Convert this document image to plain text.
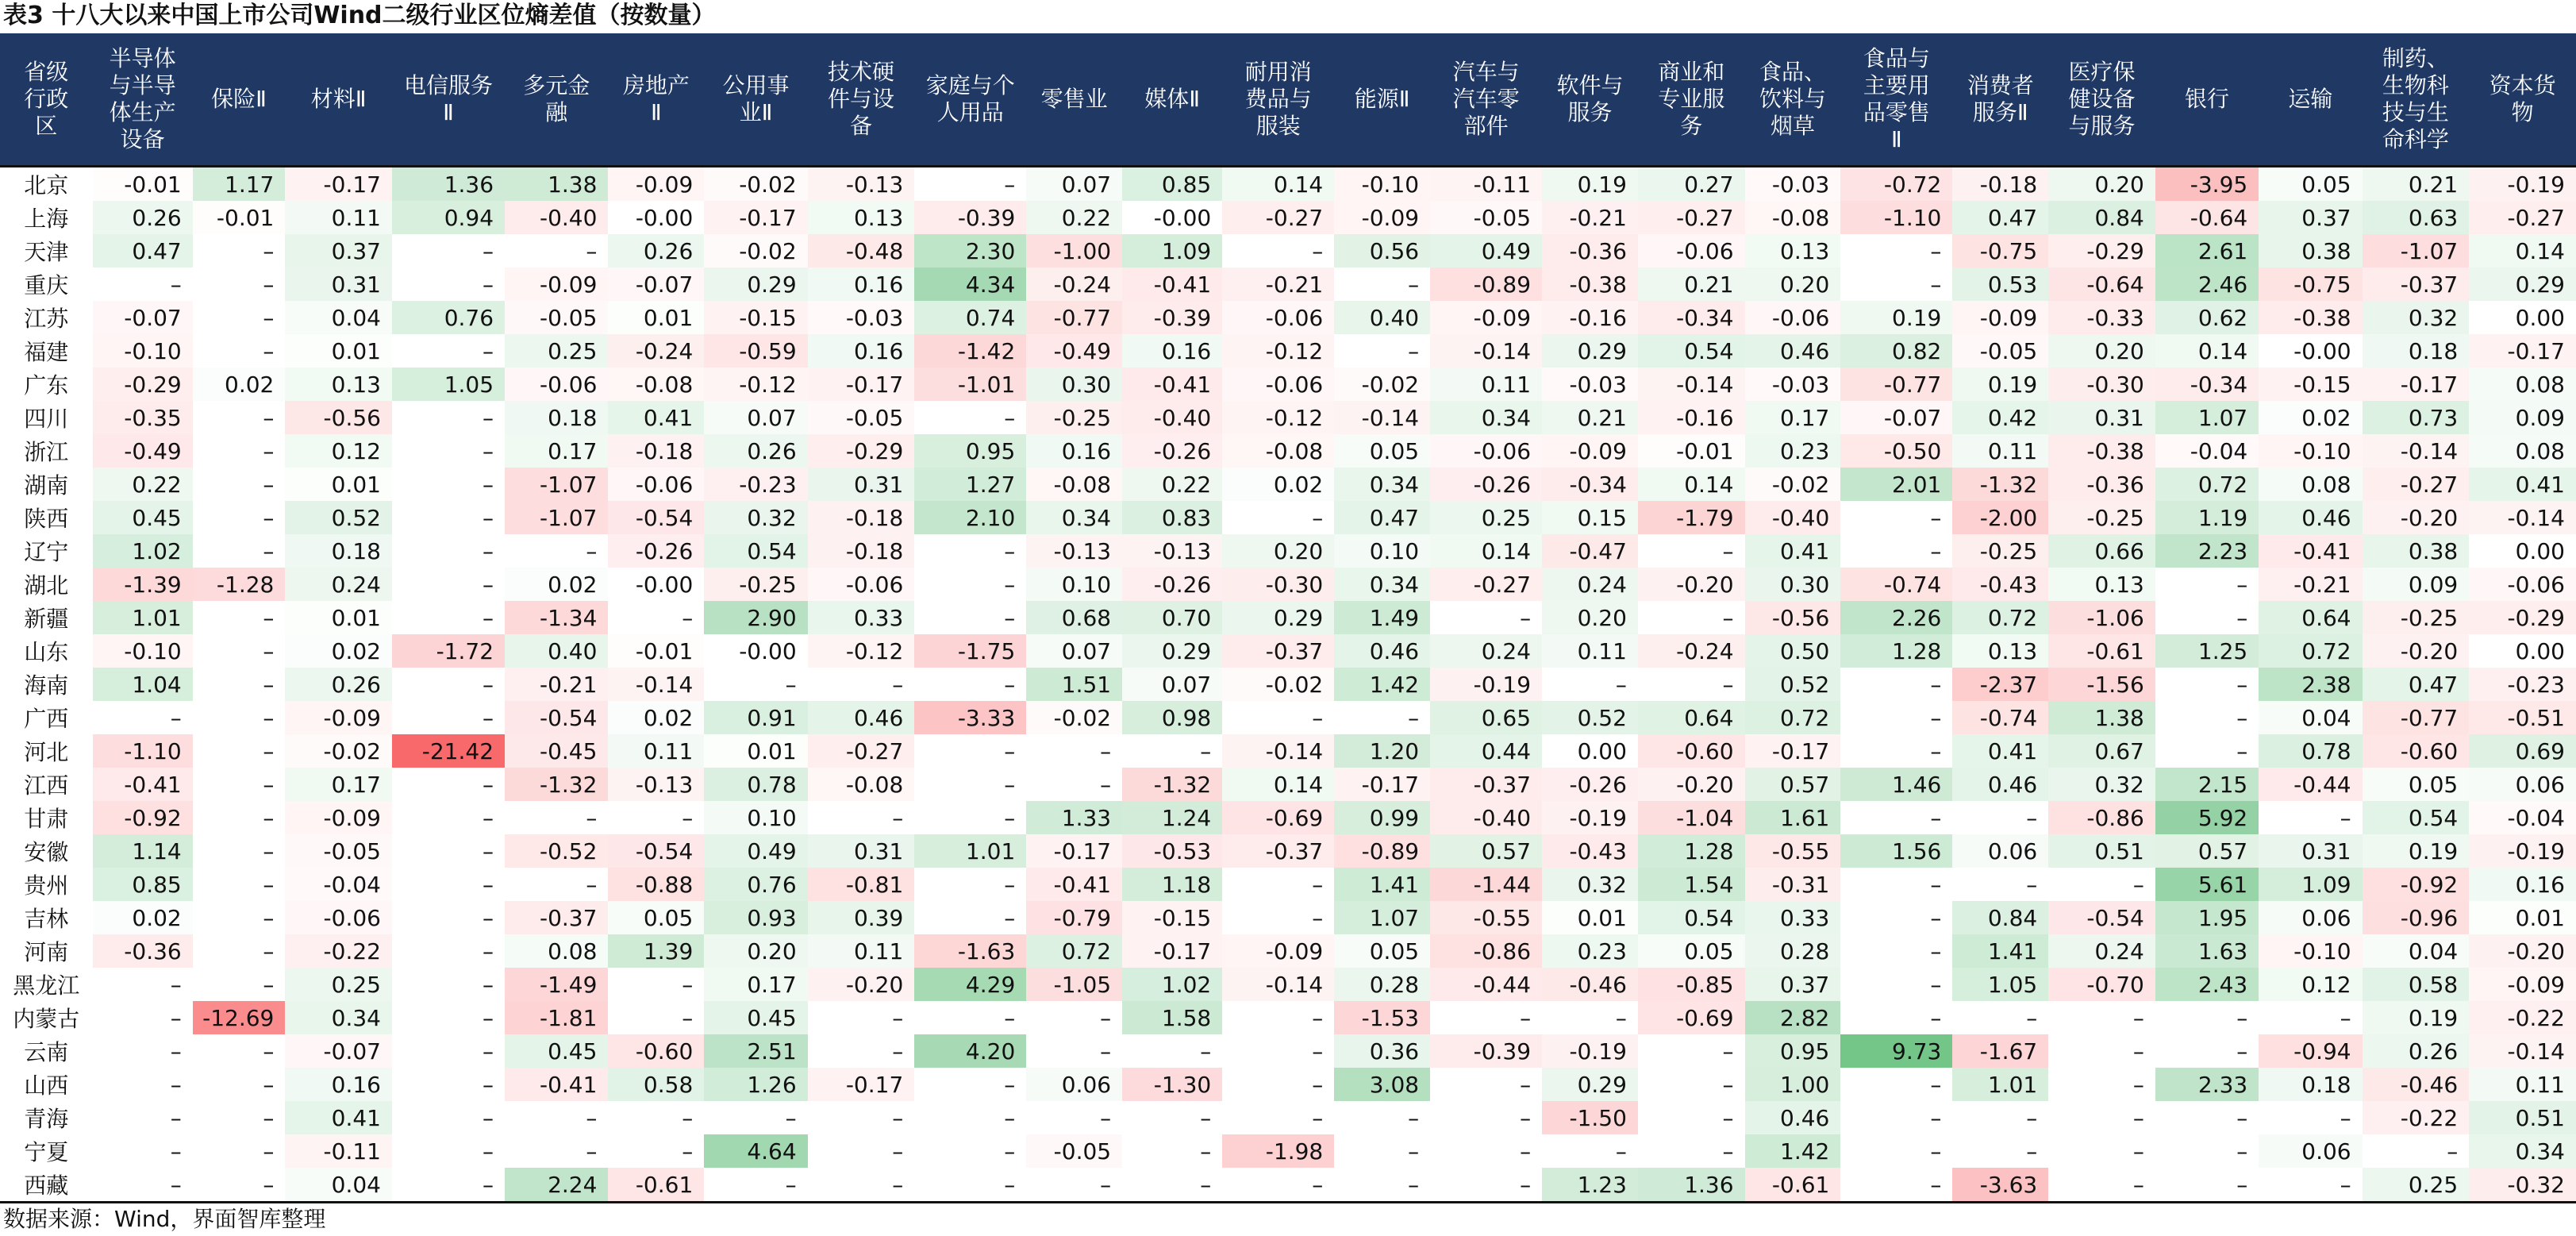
表3 十八大以来中国上市公司Wind二级行业区位熵差值（按数量）
省级
行政
区	半导体
与半导
体生产
设备	保险Ⅱ	材料Ⅱ	电信服务
Ⅱ	多元金
融	房地产
Ⅱ	公用事
业Ⅱ	技术硬
件与设
备	家庭与个
人用品	零售业	媒体Ⅱ	耐用消
费品与
服装	能源Ⅱ	汽车与
汽车零
部件	软件与
服务	商业和
专业服
务	食品、
饮料与
烟草	食品与
主要用
品零售
Ⅱ	消费者
服务Ⅱ	医疗保
健设备
与服务	银行	运输	制药、
生物科
技与生
命科学	资本货
物
北京	-0.01	1.17	-0.17	1.36	1.38	-0.09	-0.02	-0.13	–	0.07	0.85	0.14	-0.10	-0.11	0.19	0.27	-0.03	-0.72	-0.18	0.20	-3.95	0.05	0.21	-0.19
上海	0.26	-0.01	0.11	0.94	-0.40	-0.00	-0.17	0.13	-0.39	0.22	-0.00	-0.27	-0.09	-0.05	-0.21	-0.27	-0.08	-1.10	0.47	0.84	-0.64	0.37	0.63	-0.27
天津	0.47	–	0.37	–	–	0.26	-0.02	-0.48	2.30	-1.00	1.09	–	0.56	0.49	-0.36	-0.06	0.13	–	-0.75	-0.29	2.61	0.38	-1.07	0.14
重庆	–	–	0.31	–	-0.09	-0.07	0.29	0.16	4.34	-0.24	-0.41	-0.21	–	-0.89	-0.38	0.21	0.20	–	0.53	-0.64	2.46	-0.75	-0.37	0.29
江苏	-0.07	–	0.04	0.76	-0.05	0.01	-0.15	-0.03	0.74	-0.77	-0.39	-0.06	0.40	-0.09	-0.16	-0.34	-0.06	0.19	-0.09	-0.33	0.62	-0.38	0.32	0.00
福建	-0.10	–	0.01	–	0.25	-0.24	-0.59	0.16	-1.42	-0.49	0.16	-0.12	–	-0.14	0.29	0.54	0.46	0.82	-0.05	0.20	0.14	-0.00	0.18	-0.17
广东	-0.29	0.02	0.13	1.05	-0.06	-0.08	-0.12	-0.17	-1.01	0.30	-0.41	-0.06	-0.02	0.11	-0.03	-0.14	-0.03	-0.77	0.19	-0.30	-0.34	-0.15	-0.17	0.08
四川	-0.35	–	-0.56	–	0.18	0.41	0.07	-0.05	–	-0.25	-0.40	-0.12	-0.14	0.34	0.21	-0.16	0.17	-0.07	0.42	0.31	1.07	0.02	0.73	0.09
浙江	-0.49	–	0.12	–	0.17	-0.18	0.26	-0.29	0.95	0.16	-0.26	-0.08	0.05	-0.06	-0.09	-0.01	0.23	-0.50	0.11	-0.38	-0.04	-0.10	-0.14	0.08
湖南	0.22	–	0.01	–	-1.07	-0.06	-0.23	0.31	1.27	-0.08	0.22	0.02	0.34	-0.26	-0.34	0.14	-0.02	2.01	-1.32	-0.36	0.72	0.08	-0.27	0.41
陕西	0.45	–	0.52	–	-1.07	-0.54	0.32	-0.18	2.10	0.34	0.83	–	0.47	0.25	0.15	-1.79	-0.40	–	-2.00	-0.25	1.19	0.46	-0.20	-0.14
辽宁	1.02	–	0.18	–	–	-0.26	0.54	-0.18	–	-0.13	-0.13	0.20	0.10	0.14	-0.47	–	0.41	–	-0.25	0.66	2.23	-0.41	0.38	0.00
湖北	-1.39	-1.28	0.24	–	0.02	-0.00	-0.25	-0.06	–	0.10	-0.26	-0.30	0.34	-0.27	0.24	-0.20	0.30	-0.74	-0.43	0.13	–	-0.21	0.09	-0.06
新疆	1.01	–	0.01	–	-1.34	–	2.90	0.33	–	0.68	0.70	0.29	1.49	–	0.20	–	-0.56	2.26	0.72	-1.06	–	0.64	-0.25	-0.29
山东	-0.10	–	0.02	-1.72	0.40	-0.01	-0.00	-0.12	-1.75	0.07	0.29	-0.37	0.46	0.24	0.11	-0.24	0.50	1.28	0.13	-0.61	1.25	0.72	-0.20	0.00
海南	1.04	–	0.26	–	-0.21	-0.14	–	–	–	1.51	0.07	-0.02	1.42	-0.19	–	–	0.52	–	-2.37	-1.56	–	2.38	0.47	-0.23
广西	–	–	-0.09	–	-0.54	0.02	0.91	0.46	-3.33	-0.02	0.98	–	–	0.65	0.52	0.64	0.72	–	-0.74	1.38	–	0.04	-0.77	-0.51
河北	-1.10	–	-0.02	-21.42	-0.45	0.11	0.01	-0.27	–	–	–	-0.14	1.20	0.44	0.00	-0.60	-0.17	–	0.41	0.67	–	0.78	-0.60	0.69
江西	-0.41	–	0.17	–	-1.32	-0.13	0.78	-0.08	–	–	-1.32	0.14	-0.17	-0.37	-0.26	-0.20	0.57	1.46	0.46	0.32	2.15	-0.44	0.05	0.06
甘肃	-0.92	–	-0.09	–	–	–	0.10	–	–	1.33	1.24	-0.69	0.99	-0.40	-0.19	-1.04	1.61	–	–	-0.86	5.92	–	0.54	-0.04
安徽	1.14	–	-0.05	–	-0.52	-0.54	0.49	0.31	1.01	-0.17	-0.53	-0.37	-0.89	0.57	-0.43	1.28	-0.55	1.56	0.06	0.51	0.57	0.31	0.19	-0.19
贵州	0.85	–	-0.04	–	–	-0.88	0.76	-0.81	–	-0.41	1.18	–	1.41	-1.44	0.32	1.54	-0.31	–	–	–	5.61	1.09	-0.92	0.16
吉林	0.02	–	-0.06	–	-0.37	0.05	0.93	0.39	–	-0.79	-0.15	–	1.07	-0.55	0.01	0.54	0.33	–	0.84	-0.54	1.95	0.06	-0.96	0.01
河南	-0.36	–	-0.22	–	0.08	1.39	0.20	0.11	-1.63	0.72	-0.17	-0.09	0.05	-0.86	0.23	0.05	0.28	–	1.41	0.24	1.63	-0.10	0.04	-0.20
黑龙江	–	–	0.25	–	-1.49	–	0.17	-0.20	4.29	-1.05	1.02	-0.14	0.28	-0.44	-0.46	-0.85	0.37	–	1.05	-0.70	2.43	0.12	0.58	-0.09
内蒙古	–	-12.69	0.34	–	-1.81	–	0.45	–	–	–	1.58	–	-1.53	–	–	-0.69	2.82	–	–	–	–	–	0.19	-0.22
云南	–	–	-0.07	–	0.45	-0.60	2.51	–	4.20	–	–	–	0.36	-0.39	-0.19	–	0.95	9.73	-1.67	–	–	-0.94	0.26	-0.14
山西	–	–	0.16	–	-0.41	0.58	1.26	-0.17	–	0.06	-1.30	–	3.08	–	0.29	–	1.00	–	1.01	–	2.33	0.18	-0.46	0.11
青海	–	–	0.41	–	–	–	–	–	–	–	–	–	–	–	-1.50	–	0.46	–	–	–	–	–	-0.22	0.51
宁夏	–	–	-0.11	–	–	–	4.64	–	–	-0.05	–	-1.98	–	–	–	–	1.42	–	–	–	–	0.06	–	0.34
西藏	–	–	0.04	–	2.24	-0.61	–	–	–	–	–	–	–	–	1.23	1.36	-0.61	–	-3.63	–	–	–	0.25	-0.32
数据来源：Wind，界面智库整理
